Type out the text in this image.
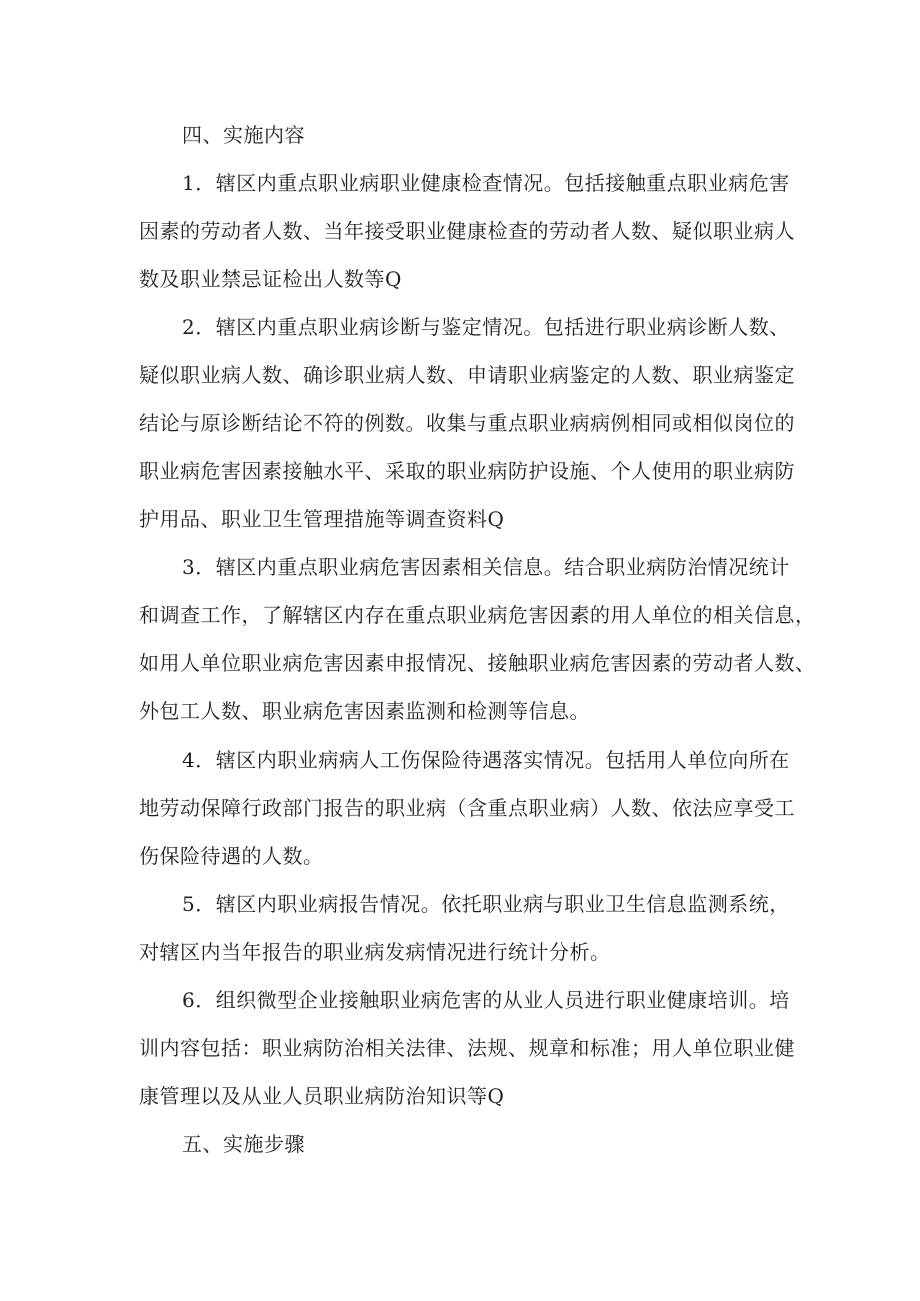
四、实施内容

1．辖区内重点职业病职业健康检查情况。包括接触重点职业病危害

因素的劳动者人数、当年接受职业健康检查的劳动者人数、疑似职业病人

数及职业禁忌证检出人数等Q

2．辖区内重点职业病诊断与鉴定情况。包括进行职业病诊断人数、

疑似职业病人数、确诊职业病人数、申请职业病鉴定的人数、职业病鉴定

结论与原诊断结论不符的例数。收集与重点职业病病例相同或相似岗位的

职业病危害因素接触水平、采取的职业病防护设施、个人使用的职业病防

护用品、职业卫生管理措施等调查资料Q

3．辖区内重点职业病危害因素相关信息。结合职业病防治情况统计

和调查工作，了解辖区内存在重点职业病危害因素的用人单位的相关信息，

如用人单位职业病危害因素申报情况、接触职业病危害因素的劳动者人数、

外包工人数、职业病危害因素监测和检测等信息。

4．辖区内职业病病人工伤保险待遇落实情况。包括用人单位向所在

地劳动保障行政部门报告的职业病（含重点职业病）人数、依法应享受工

伤保险待遇的人数。

5．辖区内职业病报告情况。依托职业病与职业卫生信息监测系统，

对辖区内当年报告的职业病发病情况进行统计分析。

6．组织微型企业接触职业病危害的从业人员进行职业健康培训。培

训内容包括：职业病防治相关法律、法规、规章和标准；用人单位职业健

康管理以及从业人员职业病防治知识等Q

五、实施步骤
